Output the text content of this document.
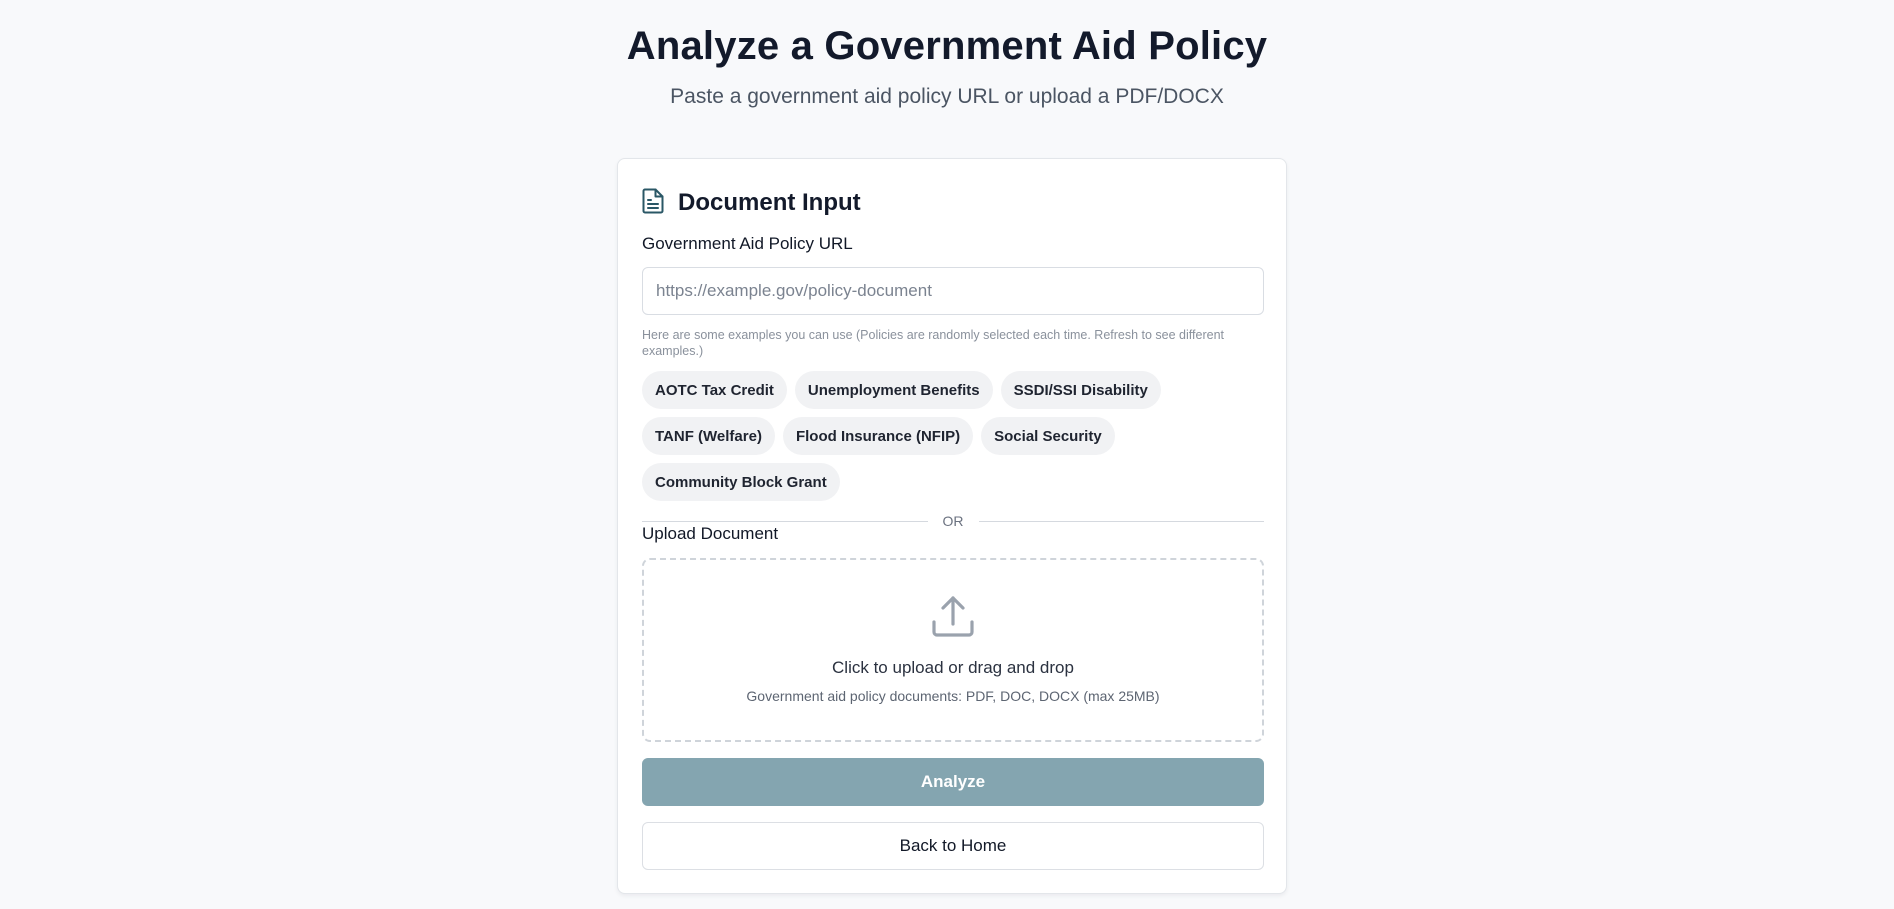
Analyze a Government Aid Policy

Paste a government aid policy URL or upload a PDF/DOCX

Document Input
Government Aid Policy URL
https://example.gov/policy-document
Here are some examples you can use (Policies are randomly selected each time. Refresh to see different examples.)
AOTC Tax Credit	Unemployment Benefits	SSDI/SSI Disability
TANF (Welfare)	Flood Insurance (NFIP)	Social Security
Community Block Grant
OR
Upload Document
Click to upload or drag and drop
Government aid policy documents: PDF, DOC, DOCX (max 25MB)
Analyze
Back to Home
